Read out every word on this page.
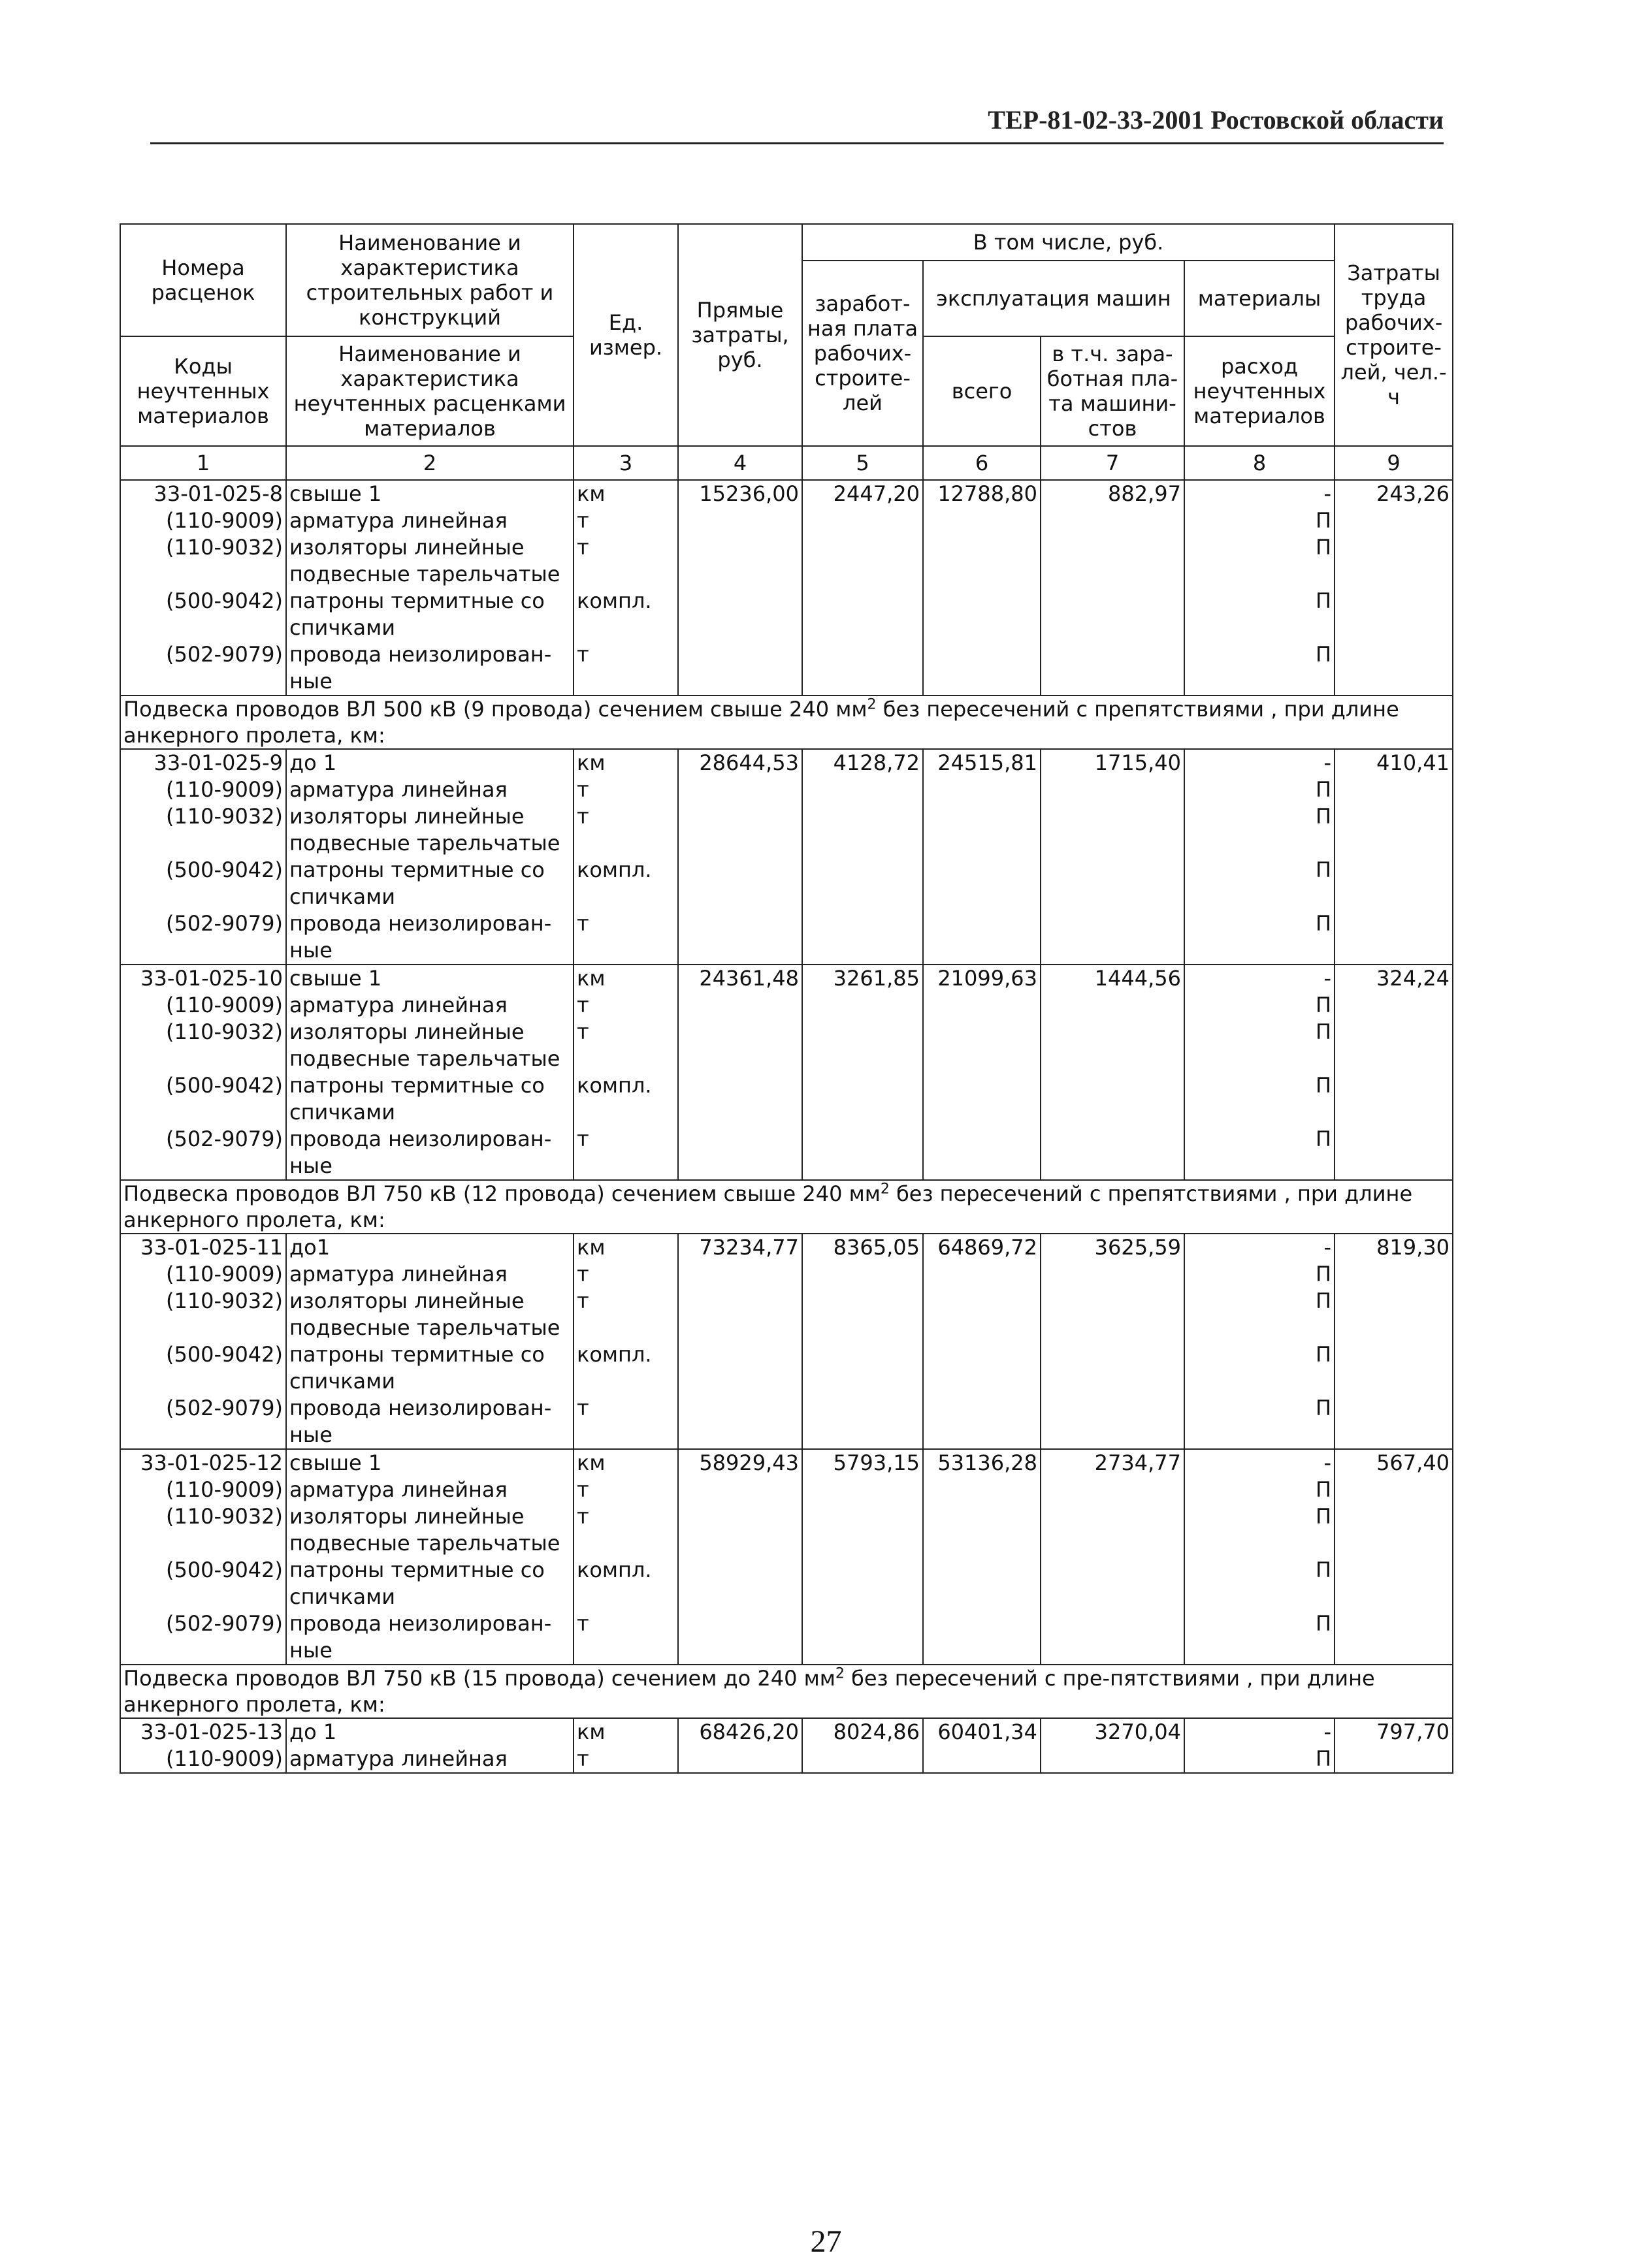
ТЕР-81-02-33-2001 Ростовской области
Номера расценок	Наименование и характеристика строительных работ и конструкций	Ед. измер.	Прямые затраты, руб.	В том числе, руб.				Затраты труда рабочих-строите-лей, чел.-ч
				заработ-ная плата рабочих-строите-лей	эксплуатация машин		материалы	

Коды неучтенных материалов	Наименование и характеристика неучтенных расценками материалов				всего	в т.ч. зара-ботная пла-та машини-стов	расход неучтенных материалов	

1	2	3	4	5	6	7	8	9
33-01-025-8	свыше 1	км	15236,00	2447,20	12788,80	882,97	-	243,26
(110-9009)	арматура линейная	т					П	
(110-9032)	изоляторы линейные подвесные тарельчатые	т					П	
(500-9042)	патроны термитные со спичками	компл.					П	
(502-9079)	провода неизолирован-ные	т					П	
Подвеска проводов ВЛ 500 кВ (9 провода) сечением свыше 240 $мм^2$ без пересечений с препятствиями , при длине анкерного пролета, км:								
33-01-025-9	до 1	км	28644,53	4128,72	24515,81	1715,40	-	410,41
(110-9009)	арматура линейная	т					П	
(110-9032)	изоляторы линейные подвесные тарельчатые	т					П	
(500-9042)	патроны термитные со спичками	компл.					П	
(502-9079)	провода неизолирован-ные	т					П	
33-01-025-10	свыше 1	км	24361,48	3261,85	21099,63	1444,56	-	324,24
(110-9009)	арматура линейная	т					П	
(110-9032)	изоляторы линейные подвесные тарельчатые	т					П	
(500-9042)	патроны термитные со спичками	компл.					П	
(502-9079)	провода неизолирован-ные	т					П	
Подвеска проводов ВЛ 750 кВ (12 провода) сечением свыше 240 $мм^2$ без пересечений с препятствиями , при длине анкерного пролета, км:								
33-01-025-11	до1	км	73234,77	8365,05	64869,72	3625,59	-	819,30
(110-9009)	арматура линейная	т					П	
(110-9032)	изоляторы линейные подвесные тарельчатые	т					П	
(500-9042)	патроны термитные со спичками	компл.					П	
(502-9079)	провода неизолирован-ные	т					П	
33-01-025-12	свыше 1	км	58929,43	5793,15	53136,28	2734,77	-	567,40
(110-9009)	арматура линейная	т					П	
(110-9032)	изоляторы линейные подвесные тарельчатые	т					П	
(500-9042)	патроны термитные со спичками	компл.					П	
(502-9079)	провода неизолирован-ные	т					П	
Подвеска проводов ВЛ 750 кВ (15 провода) сечением до 240 $мм^2$ без пересечений с пре-пятствиями , при длине анкерного пролета, км:								
33-01-025-13	до 1	км	68426,20	8024,86	60401,34	3270,04	-	797,70
(110-9009)	арматура линейная	т					П	
27
